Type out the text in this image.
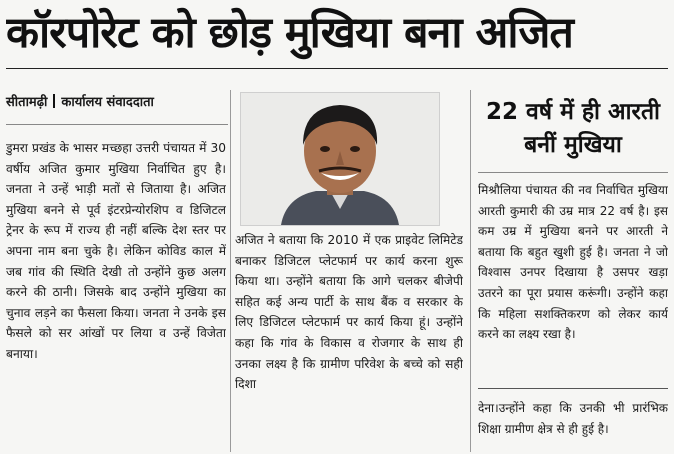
कॉरपोरेट को छोड़ मुखिया बना अजित
सीतामढ़ी कार्यालय संवाददाता
डुमरा प्रखंड के भासर मच्छहा उत्तरी पंचायत में 30 वर्षीय अजित कुमार मुखिया निर्वाचित हुए है। जनता ने उन्हें भाड़ी मतों से जिताया है। अजित मुखिया बनने से पूर्व इंटरप्रेन्योरशिप व डिजिटल ट्रेनर के रूप में राज्य ही नहीं बल्कि देश स्तर पर अपना नाम बना चुके है। लेकिन कोविड काल में जब गांव की स्थिति देखी तो उन्होंने कुछ अलग करने की ठानी। जिसके बाद उन्होंने मुखिया का चुनाव लड़ने का फैसला किया। जनता ने उनके इस फैसले को सर आंखों पर लिया व उन्हें विजेता बनाया।
अजित ने बताया कि 2010 में एक प्राइवेट लिमिटेड बनाकर डिजिटल प्लेटफार्म पर कार्य करना शुरू किया था। उन्होंने बताया कि आगे चलकर बीजेपी सहित कई अन्य पार्टी के साथ बैंक व सरकार के लिए डिजिटल प्लेटफार्म पर कार्य किया हूं। उन्होंने कहा कि गांव के विकास व रोजगार के साथ ही उनका लक्ष्य है कि ग्रामीण परिवेश के बच्चे को सही दिशा
22 वर्ष में ही आरती बनीं मुखिया
मिश्रौलिया पंचायत की नव निर्वाचित मुखिया आरती कुमारी की उम्र मात्र 22 वर्ष है। इस कम उम्र में मुखिया बनने पर आरती ने बताया कि बहुत खुशी हुई है। जनता ने जो विश्वास उनपर दिखाया है उसपर खड़ा उतरने का पूरा प्रयास करूंगी। उन्होंने कहा कि महिला सशक्तिकरण को लेकर कार्य करने का लक्ष्य रखा है।
देना।उन्होंने कहा कि उनकी भी प्रारंभिक शिक्षा ग्रामीण क्षेत्र से ही हुई है।
